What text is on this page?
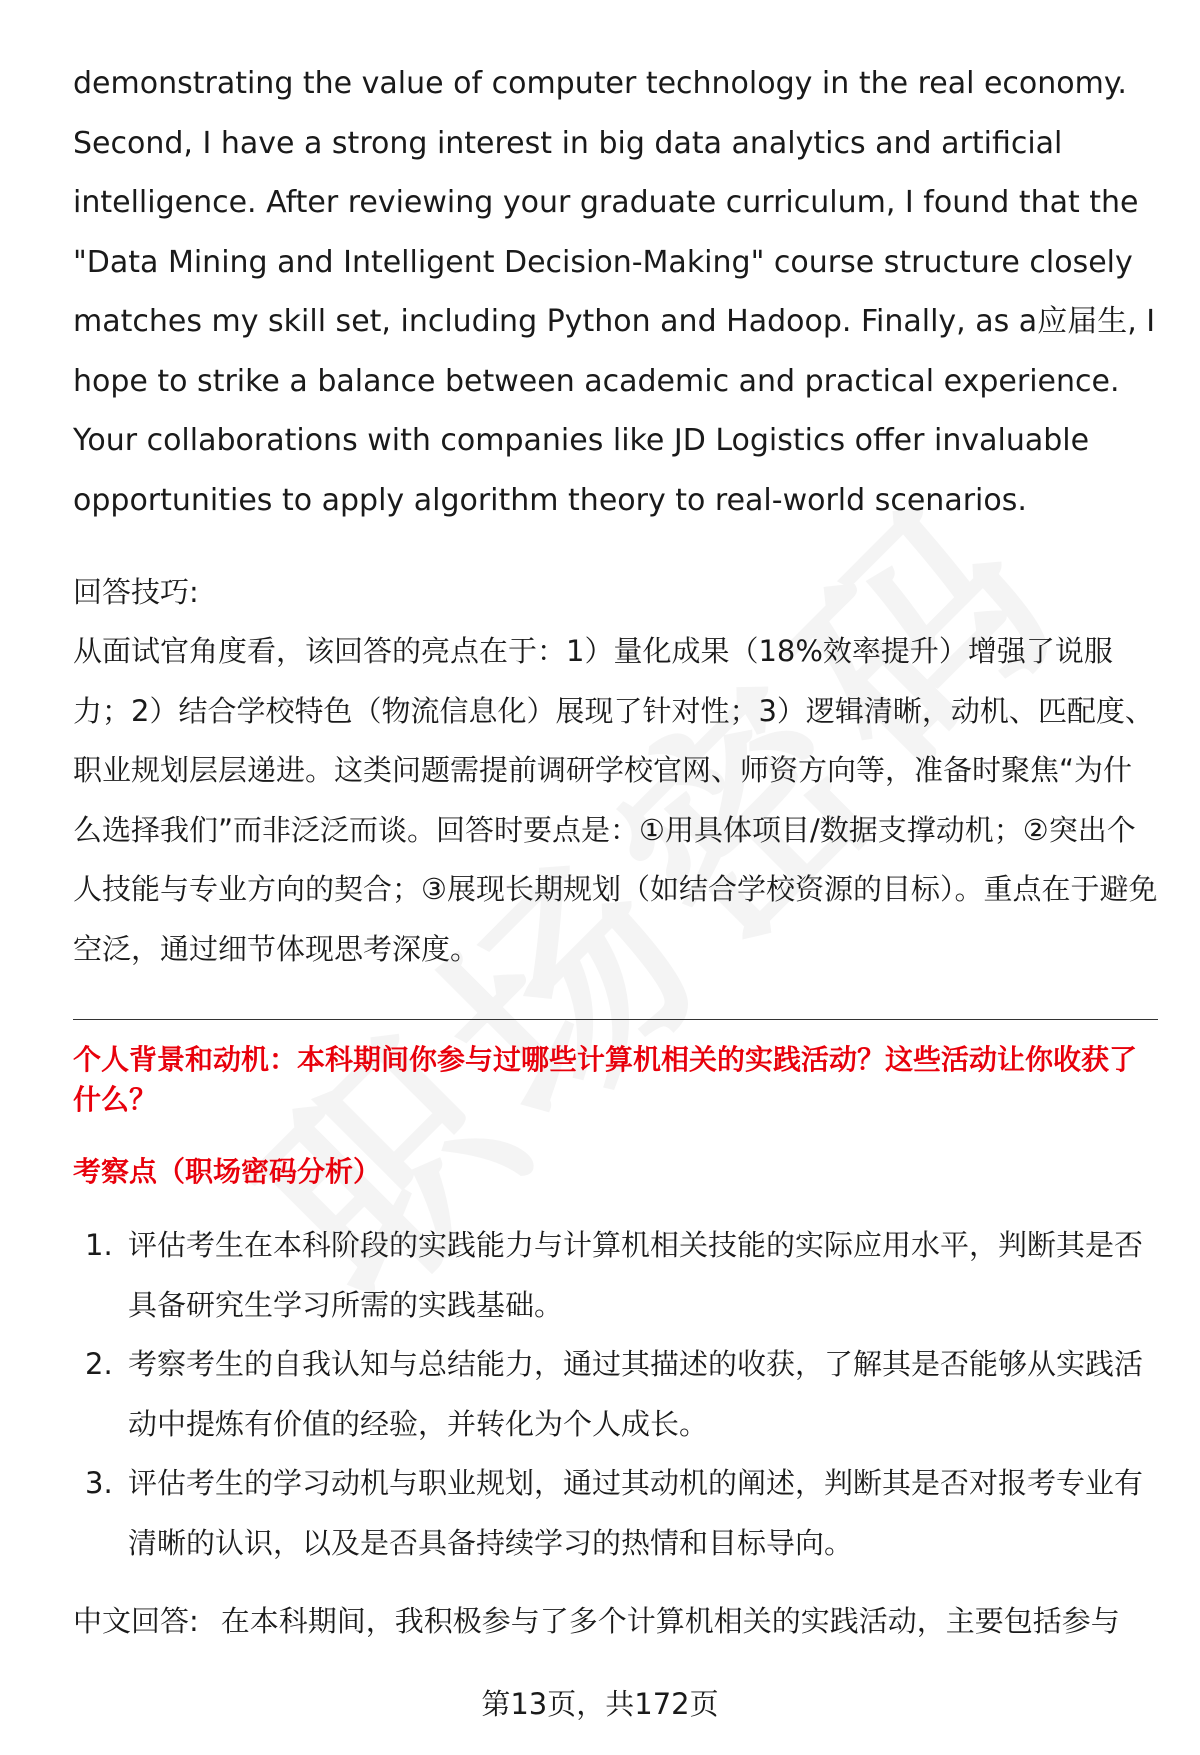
demonstrating the value of computer technology in the real economy. Second, I have a strong interest in big data analytics and artificial intelligence. After reviewing your graduate curriculum, I found that the "Data Mining and Intelligent Decision-Making" course structure closely matches my skill set, including Python and Hadoop. Finally, as a应届生, I hope to strike a balance between academic and practical experience. Your collaborations with companies like JD Logistics offer invaluable opportunities to apply algorithm theory to real-world scenarios.

回答技巧:

从面试官角度看，该回答的亮点在于：1）量化成果（18%效率提升）增强了说服力；2）结合学校特色（物流信息化）展现了针对性；3）逻辑清晰，动机、匹配度、职业规划层层递进。这类问题需提前调研学校官网、师资方向等，准备时聚焦“为什么选择我们”而非泛泛而谈。回答时要点是：①用具体项目/数据支撑动机；②突出个人技能与专业方向的契合；③展现长期规划（如结合学校资源的目标）。重点在于避免空泛，通过细节体现思考深度。

个人背景和动机：本科期间你参与过哪些计算机相关的实践活动？这些活动让你收获了什么？

考察点（职场密码分析）

1. 评估考生在本科阶段的实践能力与计算机相关技能的实际应用水平，判断其是否具备研究生学习所需的实践基础。
2. 考察考生的自我认知与总结能力，通过其描述的收获，了解其是否能够从实践活动中提炼有价值的经验，并转化为个人成长。
3. 评估考生的学习动机与职业规划，通过其动机的阐述，判断其是否对报考专业有清晰的认识，以及是否具备持续学习的热情和目标导向。

中文回答: 在本科期间，我积极参与了多个计算机相关的实践活动，主要包括参与

第13页，共172页
